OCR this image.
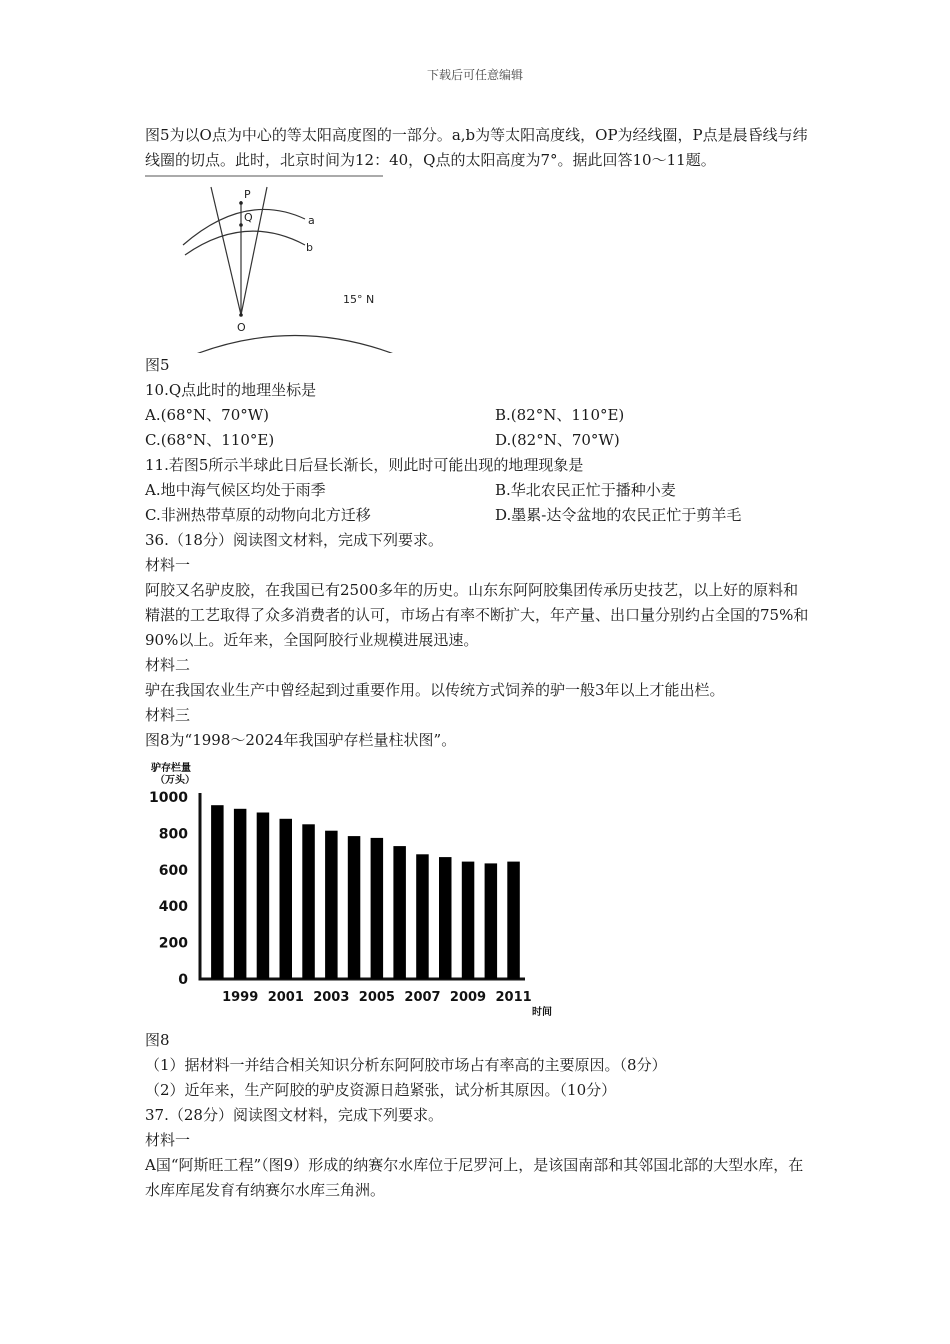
下载后可任意编辑

图5为以O点为中心的等太阳高度图的一部分。a,b为等太阳高度线，OP为经线圈，P点是晨昏线与纬线圈的切点。此时，北京时间为12：40，Q点的太阳高度为7°。据此回答10～11题。

P
Q	a
b
O
15° N

图5

10.Q点此时的地理坐标是

A.(68°N、70°W)	B.(82°N、110°E)
C.(68°N、110°E)	D.(82°N、70°W)

11.若图5所示半球此日后昼长渐长，则此时可能出现的地理现象是

A.地中海气候区均处于雨季	B.华北农民正忙于播种小麦
C.非洲热带草原的动物向北方迁移	D.墨累-达令盆地的农民正忙于剪羊毛

36.（18分）阅读图文材料，完成下列要求。

材料一

阿胶又名驴皮胶，在我国已有2500多年的历史。山东东阿阿胶集团传承历史技艺，以上好的原料和精湛的工艺取得了众多消费者的认可，市场占有率不断扩大，年产量、出口量分别约占全国的75%和90%以上。近年来，全国阿胶行业规模进展迅速。

材料二

驴在我国农业生产中曾经起到过重要作用。以传统方式饲养的驴一般3年以上才能出栏。

材料三

图8为“1998～2024年我国驴存栏量柱状图”。

驴存栏量
（万头）
时间
0
200
400
600
800
1000
1999 2001 2003 2005 2007 2009 2011

图8

（1）据材料一并结合相关知识分析东阿阿胶市场占有率高的主要原因。（8分）

（2）近年来，生产阿胶的驴皮资源日趋紧张，试分析其原因。（10分）

37.（28分）阅读图文材料，完成下列要求。

材料一

A国“阿斯旺工程”（图9）形成的纳赛尔水库位于尼罗河上，是该国南部和其邻国北部的大型水库，在水库库尾发育有纳赛尔水库三角洲。
